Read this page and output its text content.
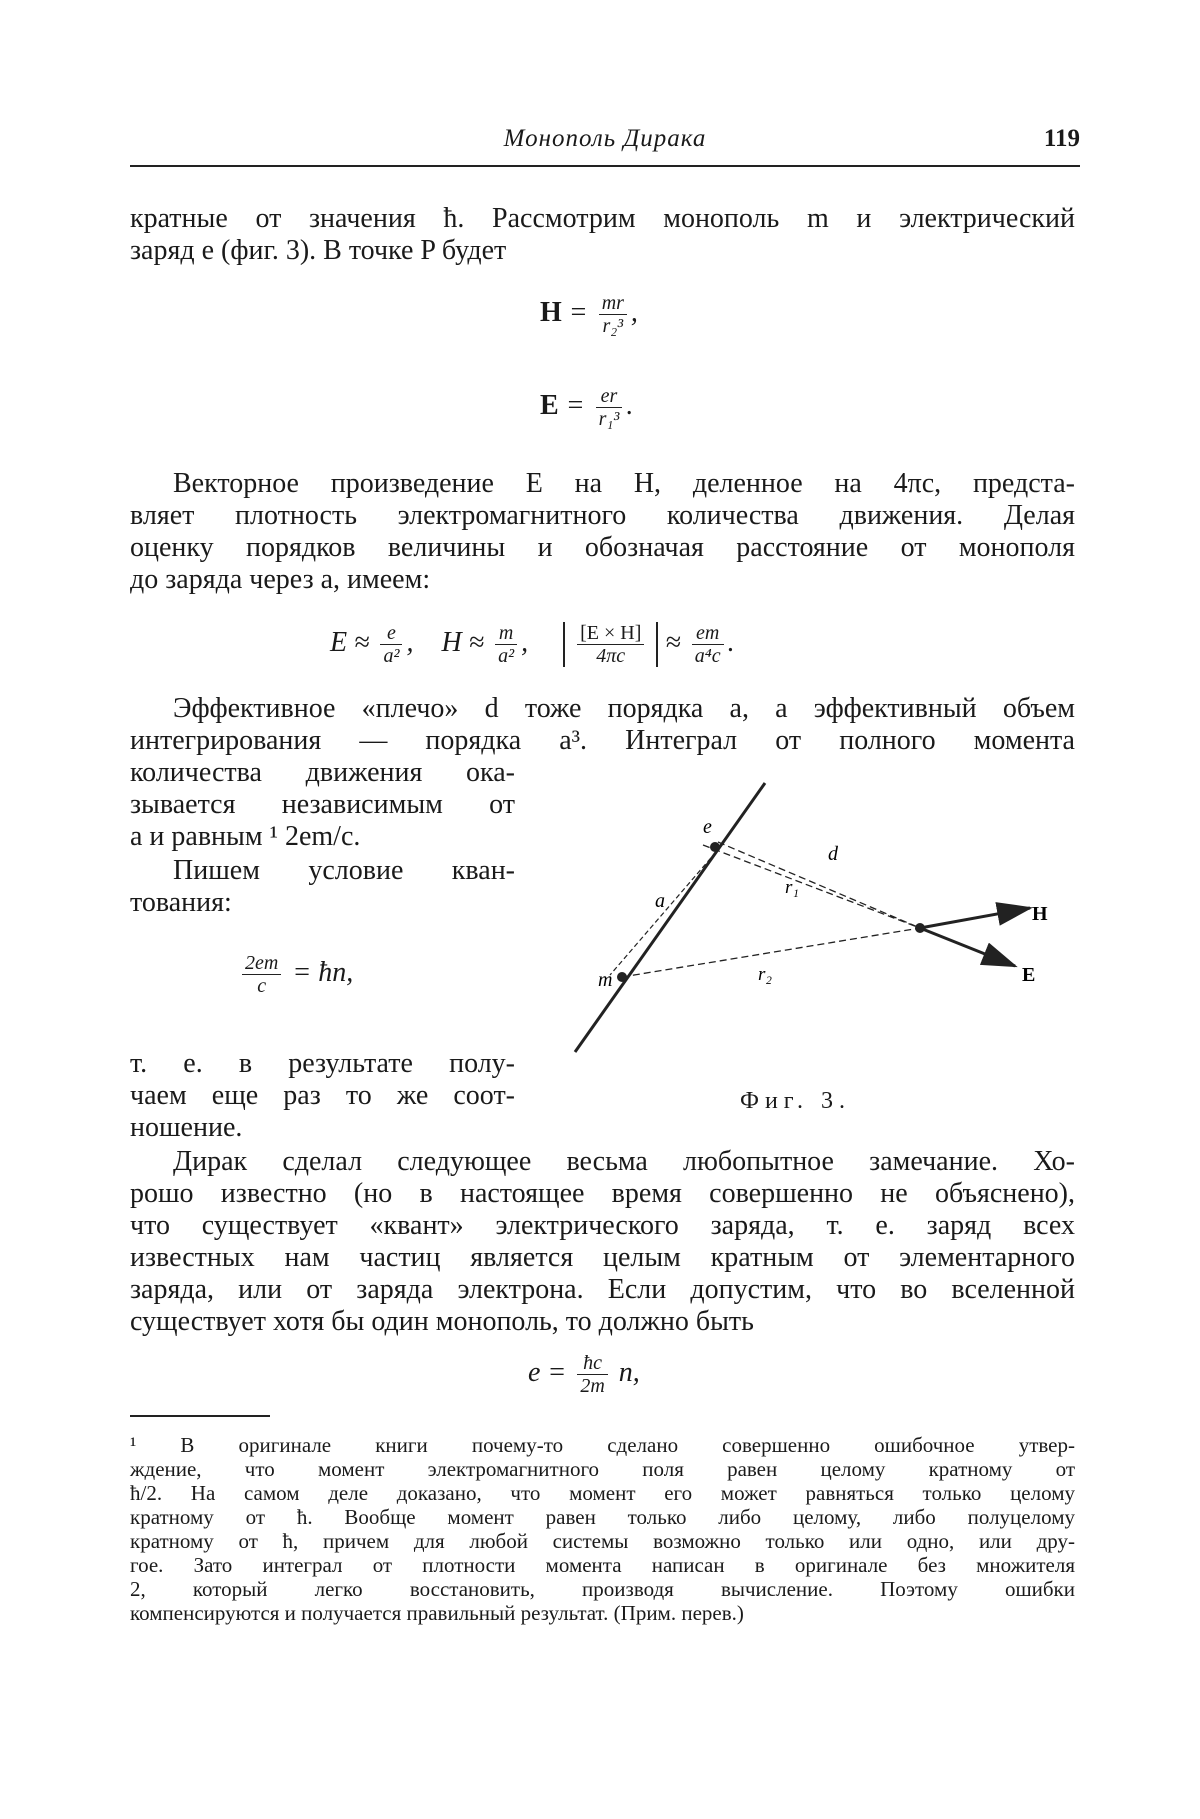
Монополь Дирака	119
кратные от значения ħ. Рассмотрим монополь m и электрический
заряд e (фиг. 3). В точке P будет
$H = \frac{mr}{\text{r₂³}}$ ,
$E = \frac{er}{\text{r₁³}}$ .
Векторное произведение E на H, деленное на 4πc, предста-
вляет плотность электромагнитного количества движения. Делая
оценку порядков величины и обозначая расстояние от монополя
до заряда через a, имеем:
$E \approx \frac{e}{\text{a²}}$ ,    $H \approx \frac{m}{\text{a²}}$ , $\frac{[E \times H]}{4\pi c} \approx \frac{em}{\text{a⁴c}}$ .
Эффективное «плечо» d тоже порядка a, а эффективный объем
интегрирования — порядка a³. Интеграл от полного момента
количества движения ока-
зывается независимым от
a и равным ¹ 2em/c.
Пишем условие кван-
тования:
$\frac{2em}{c}$ = ħn,
т. е. в результате полу-
чаем еще раз то же соот-
ношение.
e
m
a
d
r₁
r₂
H
E
Фиг. 3.
Дирак сделал следующее весьма любопытное замечание. Хо-
рошо известно (но в настоящее время совершенно не объяснено),
что существует «квант» электрического заряда, т. е. заряд всех
известных нам частиц является целым кратным от элементарного
заряда, или от заряда электрона. Если допустим, что во вселенной
существует хотя бы один монополь, то должно быть
$e = \frac{ħc}{2m} n$,
¹ В оригинале книги почему-то сделано совершенно ошибочное утвер-
ждение, что момент электромагнитного поля равен целому кратному от
ħ/2. На самом деле доказано, что момент его может равняться только целому
кратному от ħ. Вообще момент равен только либо целому, либо полуцелому
кратному от ħ, причем для любой системы возможно только или одно, или дру-
гое. Зато интеграл от плотности момента написан в оригинале без множителя
2, который легко восстановить, производя вычисление. Поэтому ошибки
компенсируются и получается правильный результат. (Прим. перев.)
